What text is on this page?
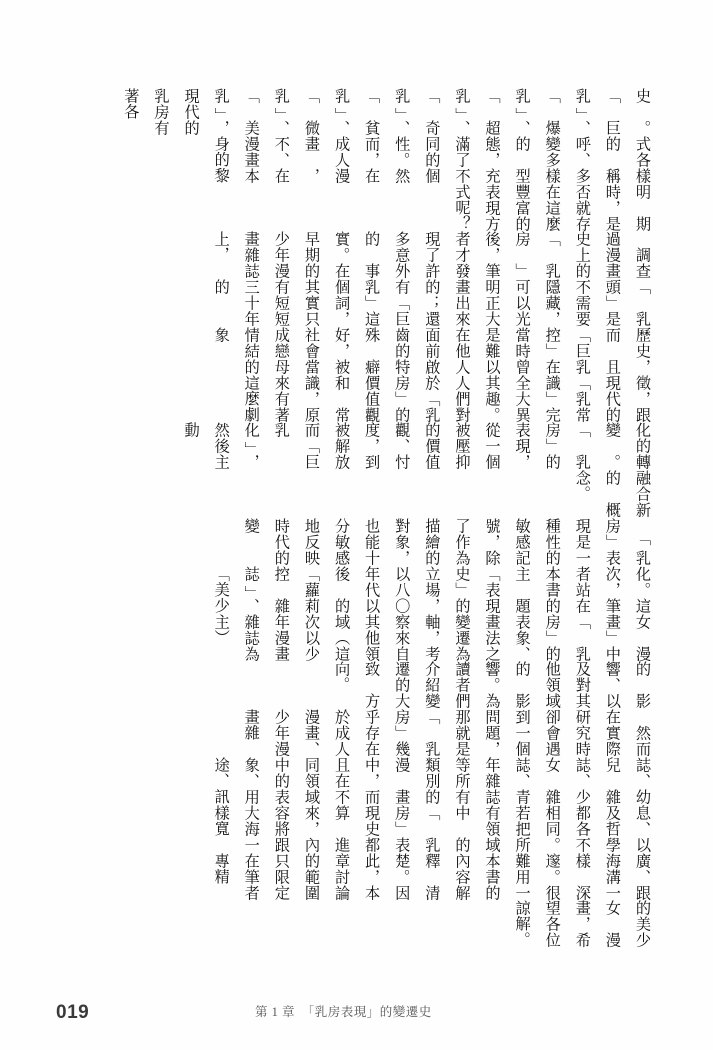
史。「巨乳」、「爆乳」、「超乳」、「奇乳」、「貧乳」、「微乳」、「美乳」，現代的乳房有著各
式各樣的稱呼、多變多樣的型態，充滿了不同的個性。然而，在成人漫畫，不、在漫畫本身的黎
明期時，是否就存在這麼豐富的表現方式呢？
　調查過漫畫史上的「乳房」後，筆者才發現了許多意外的事實。在早期的少年漫畫雜誌上，
「乳頭」是不需要隱藏，可以光明正大畫出來的；還有「巨乳」這個詞，其實只有短短三十年的
歷史，而且「巨乳控」在當時曾是難以在他人面前啟齒的特殊癖好，被社會當成戀母情結的象
徵，跟現代的「乳常識」完全大異其趣。人們對於「乳房」的價值觀和常識，原來有著這麼劇
化的轉變。「乳房」的表現，從一個被壓抑的價值觀、忖度，到被解放而「巨乳化」，然後主動
融合新的概念。
　「乳房」表現是一種性的敏感記號，除了作為描繪的對象，也能十分敏感地反映時代的變
化。這次，筆者站在本書的主題「表現史」的立場，以八〇年代以後的「蘿莉控雜誌」、「美少
女漫畫」中「乳房」的表象、畫法之變遷為軸，考察來自其他領域（這次以少年漫畫雜誌為主）
的影響、以及對其他領域的影響。為讀者們介紹變遷的大致方向。
　然而在實際研究時卻會遇到一個問題，那就是「乳房」幾乎存在於成人漫畫、少年漫畫雜
誌、幼兒雜誌、少女雜誌、青年雜誌等所有類別的漫畫中，而且在不同領域中的表象、用途、訊
息、以及哲學都各不相同。若把所有領域中的「乳房」表現史都算進來，內容將跟大海一樣寬
廣、跟海溝一樣深邃。很難用一本書的內容解釋清楚。因此，本章討論的範圍只限定在筆者專精
的美少女漫畫，希望各位諒解。
019	第 1 章　「乳房表現」的變遷史
